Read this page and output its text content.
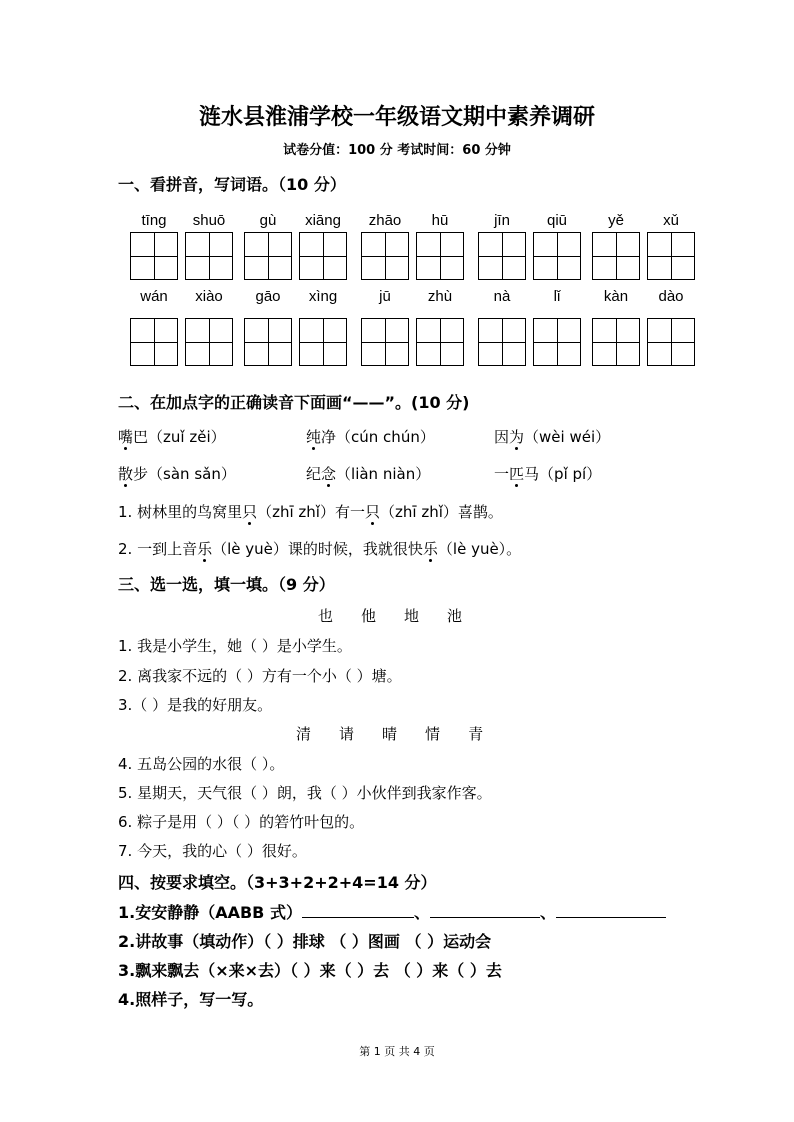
涟水县淮浦学校一年级语文期中素养调研
试卷分值：100 分 考试时间：60 分钟
一、看拼音，写词语。（10 分）
tīng	shuō	gù	xiāng	zhāo	hū	jīn	qiū	yě	xǔ
wán	xiào	gāo	xìng	jū	zhù	nà	lǐ	kàn	dào
二、在加点字的正确读音下面画“——”。(10 分)
嘴巴（zuǐ zěi）	纯净（cún chún）	因为（wèi wéi）
散步（sàn sǎn）	纪念（liàn niàn）	一匹马（pǐ pí）
1. 树林里的鸟窝里只（zhī zhǐ）有一只（zhī zhǐ）喜鹊。
2. 一到上音乐（lè yuè）课的时候，我就很快乐（lè yuè）。
三、选一选，填一填。（9 分）
也 他 地 池
1. 我是小学生，她（ ）是小学生。
2. 离我家不远的（ ）方有一个小（ ）塘。
3.（ ）是我的好朋友。
清 请 晴 情 青
4. 五岛公园的水很（ ）。
5. 星期天，天气很（ ）朗，我（ ）小伙伴到我家作客。
6. 粽子是用（ ）（ ）的箬竹叶包的。
7. 今天，我的心（ ）很好。
四、按要求填空。（3+3+2+2+4=14 分）
1.安安静静（AABB 式）	、	、
2.讲故事（填动作）（ ）排球 （ ）图画 （ ）运动会
3.飘来飘去（×来×去）（ ）来（ ）去 （ ）来（ ）去
4.照样子，写一写。
第 1 页 共 4 页
